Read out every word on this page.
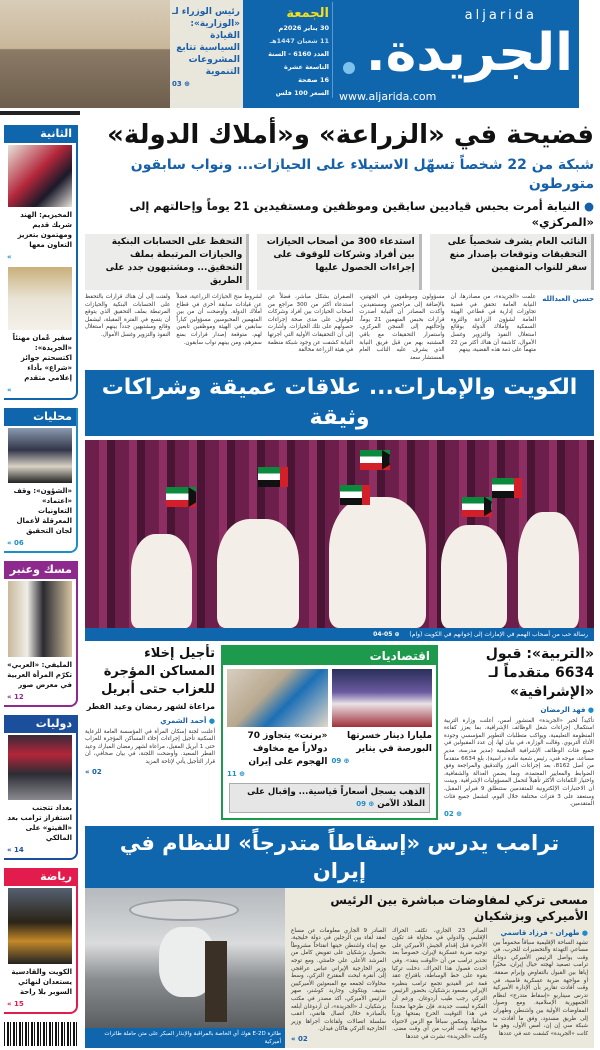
رئيس الوزراء لـ «الوزارية»: القيادة السياسية تتابع المشروعات التنموية
03 ⊕
الجمعة
30 يناير 2026م
11 شعبان 1447هـ
العدد 6160 - السنة التاسعة عشرة
16 صفحة
السعر 100 فلس
aljarida
الجريدة.
www.aljarida.com
الثانية
المخيزيم: الهند شريك قديم ومهتمون بتعزيز التعاون معها
«
سفير عُمان مهنئاً «الجريدة»: اكتسحتم جوائز «شراع» بأداء إعلامي متقدم
«
محليات
«الشؤون»: وقف «اعتماد» التعاونيات المعرقلة لأعمال لجان التحقيق
« 06
مسك وعنبر
المليفي: «العربي» تكرّم المرأة العربية في معرض صور
« 12
دوليات
بغداد تتجنب استفزاز ترامب بعد «الفيتو» على المالكي
« 14
رياضة
الكويت والقادسية يستعدان لنهائي السوبر بلا راحة
« 15
فضيحة في «الزراعة» و«أملاك الدولة»
شبكة من 22 شخصاً تسهّل الاستيلاء على الحيازات... ونواب سابقون متورطون
● النيابة أمرت بحبس قياديين سابقين وموظفين ومستفيدين 21 يوماً وإحالتهم إلى «المركزي»
النائب العام يشرف شخصياً على التحقيقات وتوقعات بإصدار منع سفر للنواب المتهمين
استدعاء 300 من أصحاب الحيازات بين أفراد وشركات للوقوف على إجراءات الحصول عليها
التحفظ على الحسابات البنكية والحيازات المرتبطة بملف التحقيق... ومشتبهون جدد على الطريق
حسين العبدالله
علمت «الجريدة»، من مصادرها، أن النيابة العامة تحقق في قضية تجاوزات إدارية في قطاعي الهيئة العامة لشؤون الزراعة والثروة السمكية وأملاك الدولة بوقائع استغلال النفوذ والتزوير وغسل الأموال، كاشفة أن هناك أكثر من 22 متهماً على ذمة هذه القضية، بينهم
مسؤولون وموظفون في الجهتين، بالإضافة إلى مراجعين ومستفيدين. وأكدت المصادر أن النيابة أصدرت قرارات بحبس المتهمين 21 يوماً، وإحالتهم إلى السجن المركزي، واستمرار التحقيقات مع باقي المشتبه بهم من قبل فريق النيابة الذي يشرف عليه النائب العام المستشار سعد
الصفران بشكل مباشر، فضلاً عن استدعاء أكثر من 300 مراجع من أصحاب الحيازات بين أفراد وشركات للوقوف على مدى صحة إجراءات حصولهم على تلك الحيازات. وأشارت إلى أن التحقيقات الأولية التي أجرتها النيابة كشفت عن وجود شبكة منظمة في هيئة الزراعة مخالفة
لشروط منح الحيازات الزراعية، فضلاً عن قيادات سابقة أخرى في قطاع أملاك الدولة. وأوضحت أن من بين المتهمين المحبوسين مسؤولين كباراً سابقين في الهيئة وموظفين تابعين لهم، متوقعة إصدار قرارات بمنع سفرهم، ومن بينهم نواب سابقون.
ولفتت إلى أن هناك قرارات بالتحفظ على الحسابات البنكية والحيازات المرتبطة بملف التحقيق الذي يتوقع أن يتسع في الفترة المقبلة، ليشمل وقائع ومشتبهين جدداً بينهم استغلال النفوذ والتزوير وغسل الأموال.
الكويت والإمارات... علاقات عميقة وشراكات وثيقة
رسالة حب من أصحاب الهمم في الإمارات إلى إخوانهم في الكويت (وام) ⊕ 05-04
«التربية»: قبول 6634 متقدماً لـ «الإشرافية»
● فهد الرمضان
تأكيداً لخبر «الجريدة» المنشور أمس، أعلنت وزارة التربية استكمال إجراءات شغل الوظائف الإشرافية، بما يعزز كفاءة المنظومة التعليمية، ويواكب متطلبات التطوير المؤسسي وجودة الأداء التربوي. وقالت الوزارة، في بيان لها، إن عدد المقبولين في جميع فئات الوظائف الإشرافية التعليمية (مدير مدرسة، مدير مساعد، موجه فني، رئيس شعبة مادة دراسية)، بلغ 6634 متقدماً من أصل 8162، بعد إجراءات الفرز والتدقيق والمراجعة وفق الضوابط والمعايير المعتمدة، وبما يضمن العدالة والشفافية، واختيار الكفاءات الأكثر تأهيلاً لتحمل المسؤوليات الإشرافية. وبينت أن الاختبارات الإلكترونية للمتقدمين ستنطلق 9 فبراير المقبل، وستعقد على 3 فترات مختلفة خلال اليوم، لتشمل جميع فئات المتقدمين.
02 ⊕
اقتصاديات
مليارا دينار خسرتها البورصة في يناير
09 ⊕
«برنت» يتجاوز 70 دولاراً مع مخاوف الهجوم على إيران
11 ⊕
الذهب يسجل أسعاراً قياسية... وإقبال على الملاذ الآمن ⊕ 09
تأجيل إخلاء المساكن المؤجرة للعزاب حتى أبريل
مراعاة لشهر رمضان وعيد الفطر
● أحمد الشمري
أعلنت لجنة إسكان المرأة في المؤسسة العامة للرعاية السكنية تأجيل إجراءات إخلاء المساكن المؤجرة للعزاب حتى 1 أبريل المقبل، مراعاة لشهر رمضان المبارك وعيد الفطر السعيد. وأوضحت اللجنة، في بيان صحافي، أن قرار التأجيل يأتي لإتاحة المزيد
« 02
ترامب يدرس «إسقاطاً متدرجاً» للنظام في إيران
مسعى تركي لمفاوضات مباشرة بين الرئيس الأميركي وبزشكيان
● طهران - فرزاد قاسمي
تشهد الساحة الإقليمية سباقاً محموماً بين مساعي التهدئة والتحضيرات للحرب، في وقت يواصل الرئيس الأميركي دونالد ترامب تصعيد لهجته حيال إيران، مخيّراً إياها بين القبول بالتفاوض وإبرام صفقة، أو مواجهة ضربة عسكرية قاسية، في وقت أفادت تقارير بأن الإدارة الأميركية تدرس سيناريو «إسقاط متدرج» لنظام الجمهورية الإسلامية. ومع وصول المفاوضات الأولية بين واشنطن وطهران إلى طريق مسدود، وفق ما أفادت به شبكة سي إن إن، أمس الأول، وهو ما كانت «الجريدة» كشفت عنه في عددها
الصادر 23 الجاري، تكثف الحراك الإقليمي والدولي في محاولة قد تكون الأخيرة قبل إقدام الجيش الأميركي على توجيه ضربة عسكرية لإيران، خصوصاً بعد تحذير ترامب من أن «الوقت ينفد». وفي أحدث فصول هذا الحراك، دخلت تركيا بقوة على خط الوساطة، باقتراح عقد قمة عبر الفيديو تجمع ترامب بنظيره الإيراني مسعود بزشكيان، بحضور الرئيس التركي رجب طيب أردوغان. ورغم أن الفكرة ليست جديدة، فإن طرحها مجدداً في هذا التوقيت الحرج يمنحها وزناً مختلفاً، ويعكس سباقاً مع الزمن لاحتواء مواجهة باتت أقرب من أي وقت مضى. وكانت «الجريدة» نشرت في عددها
الصادر 9 الجاري معلومات عن مساع لعقد لقاء بين الرجلين في دولة خليجية، مع إبداء واشنطن حينها انفتاحاً مشروطاً بحصول بزشكيان على تفويض كامل من المرشد الأعلى علي خامنئي. ومع توجه وزير الخارجية الإيراني عباس عراقجي إلى أنقرة لبحث المقترح التركي، وسط محاولات لجمعه مع المبعوثين الأميركيين ستيف ويتكوف وجاريد كوشنر، صهر الرئيس الأميركي، أكد مصدر في مكتب بزشكيان، لـ «الجريدة»، أن أردوغان أبلغه بالمبادرة خلال اتصال هاتفي، أعقب سلسلة اتصالات ولقاءات أجراها وزير الخارجية التركي هاكان فيدان.
« 02
طائرة E-2D هوك آي الخاصة بالمراقبة والإنذار المبكر على متن حاملة طائرات أميركية
